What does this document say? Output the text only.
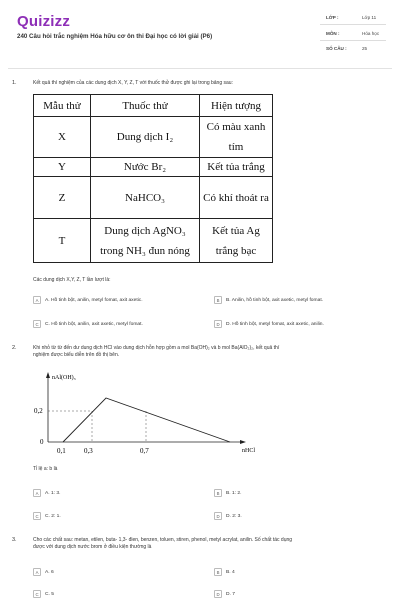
Quizizz
240 Câu hỏi trắc nghiệm Hóa hữu cơ ôn thi Đại học có lời giải (P6)
LỚP :	Lớp 11
MÔN :	Hóa học
SỐ CÂU :	25
1.	Kết quả thí nghiệm của các dung dịch X, Y, Z, T với thuốc thử được ghi lại trong bảng sau:
Mẫu thử	Thuốc thử	Hiện tượng
X	Dung dịch I₂	Có màu xanh tím
Y	Nước Br₂	Kết tủa trắng
Z	NaHCO₃	Có khí thoát ra
T	Dung dịch AgNO₃ trong NH₃ đun nóng	Kết tủa Ag trắng bạc
Các dung dịch X,Y, Z, T lần lượt là:
A	A. Hồ tinh bột, anilin, metyl fomat, axit axetic.	B	B. Anilin, hồ tinh bột, axit axetic, metyl fomat.
C	C. Hồ tinh bột, anilin, axit axetic, metyl fomat.	D	D. Hồ tinh bột, metyl fomat, axit axetic, anilin.
2.	Khi nhỏ từ từ đến dư dung dịch HCl vào dung dịch hỗn hợp gồm a mol Ba(OH)₂ và b mol Ba(AlO₂)₂, kết quả thí
nghiệm được biểu diễn trên đồ thị bên.
nAl(OH)₃
nHCl
0,2
0
0,1	0,3	0,7
Tỉ lệ a: b là
A	A. 1: 3.	B	B. 1: 2.
C	C. 2: 1.	D	D. 2: 3.
3.	Cho các chất sau: metan, etilen, buta- 1,3- đien, benzen, toluen, stiren, phenol, metyl acrylat, anilin. Số chất tác dụng
được với dung dịch nước brom ở điều kiện thường là
A	A. 6	B	B. 4
C	C. 5	D	D. 7
